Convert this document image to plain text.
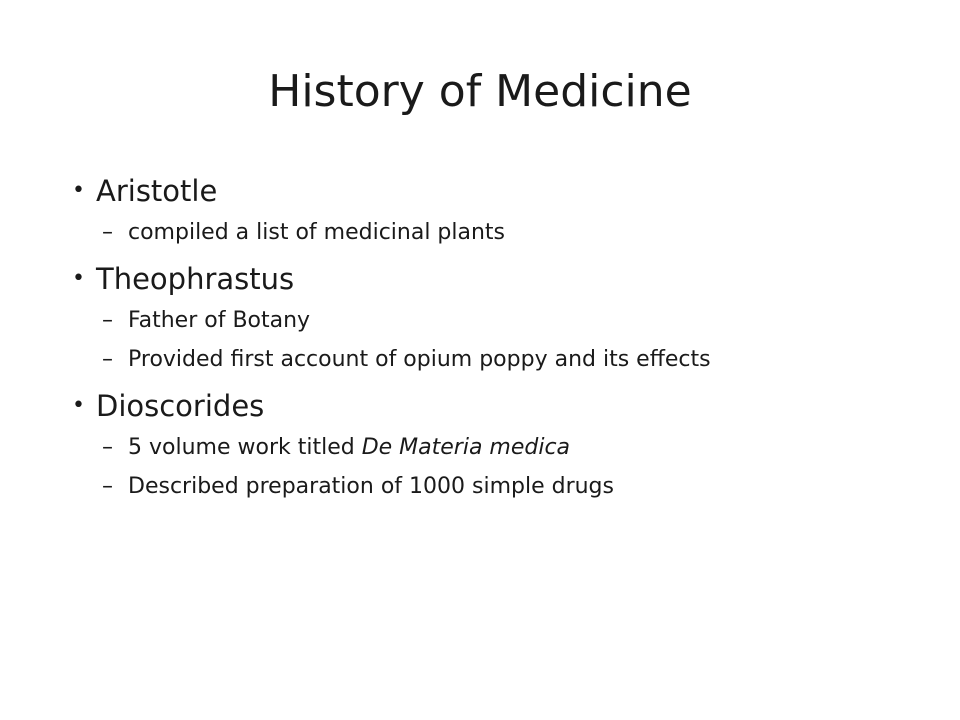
History of Medicine
• Aristotle
– compiled a list of medicinal plants
• Theophrastus
– Father of Botany
– Provided first account of opium poppy and its effects
• Dioscorides
– 5 volume work titled De Materia medica
– Described preparation of 1000 simple drugs
